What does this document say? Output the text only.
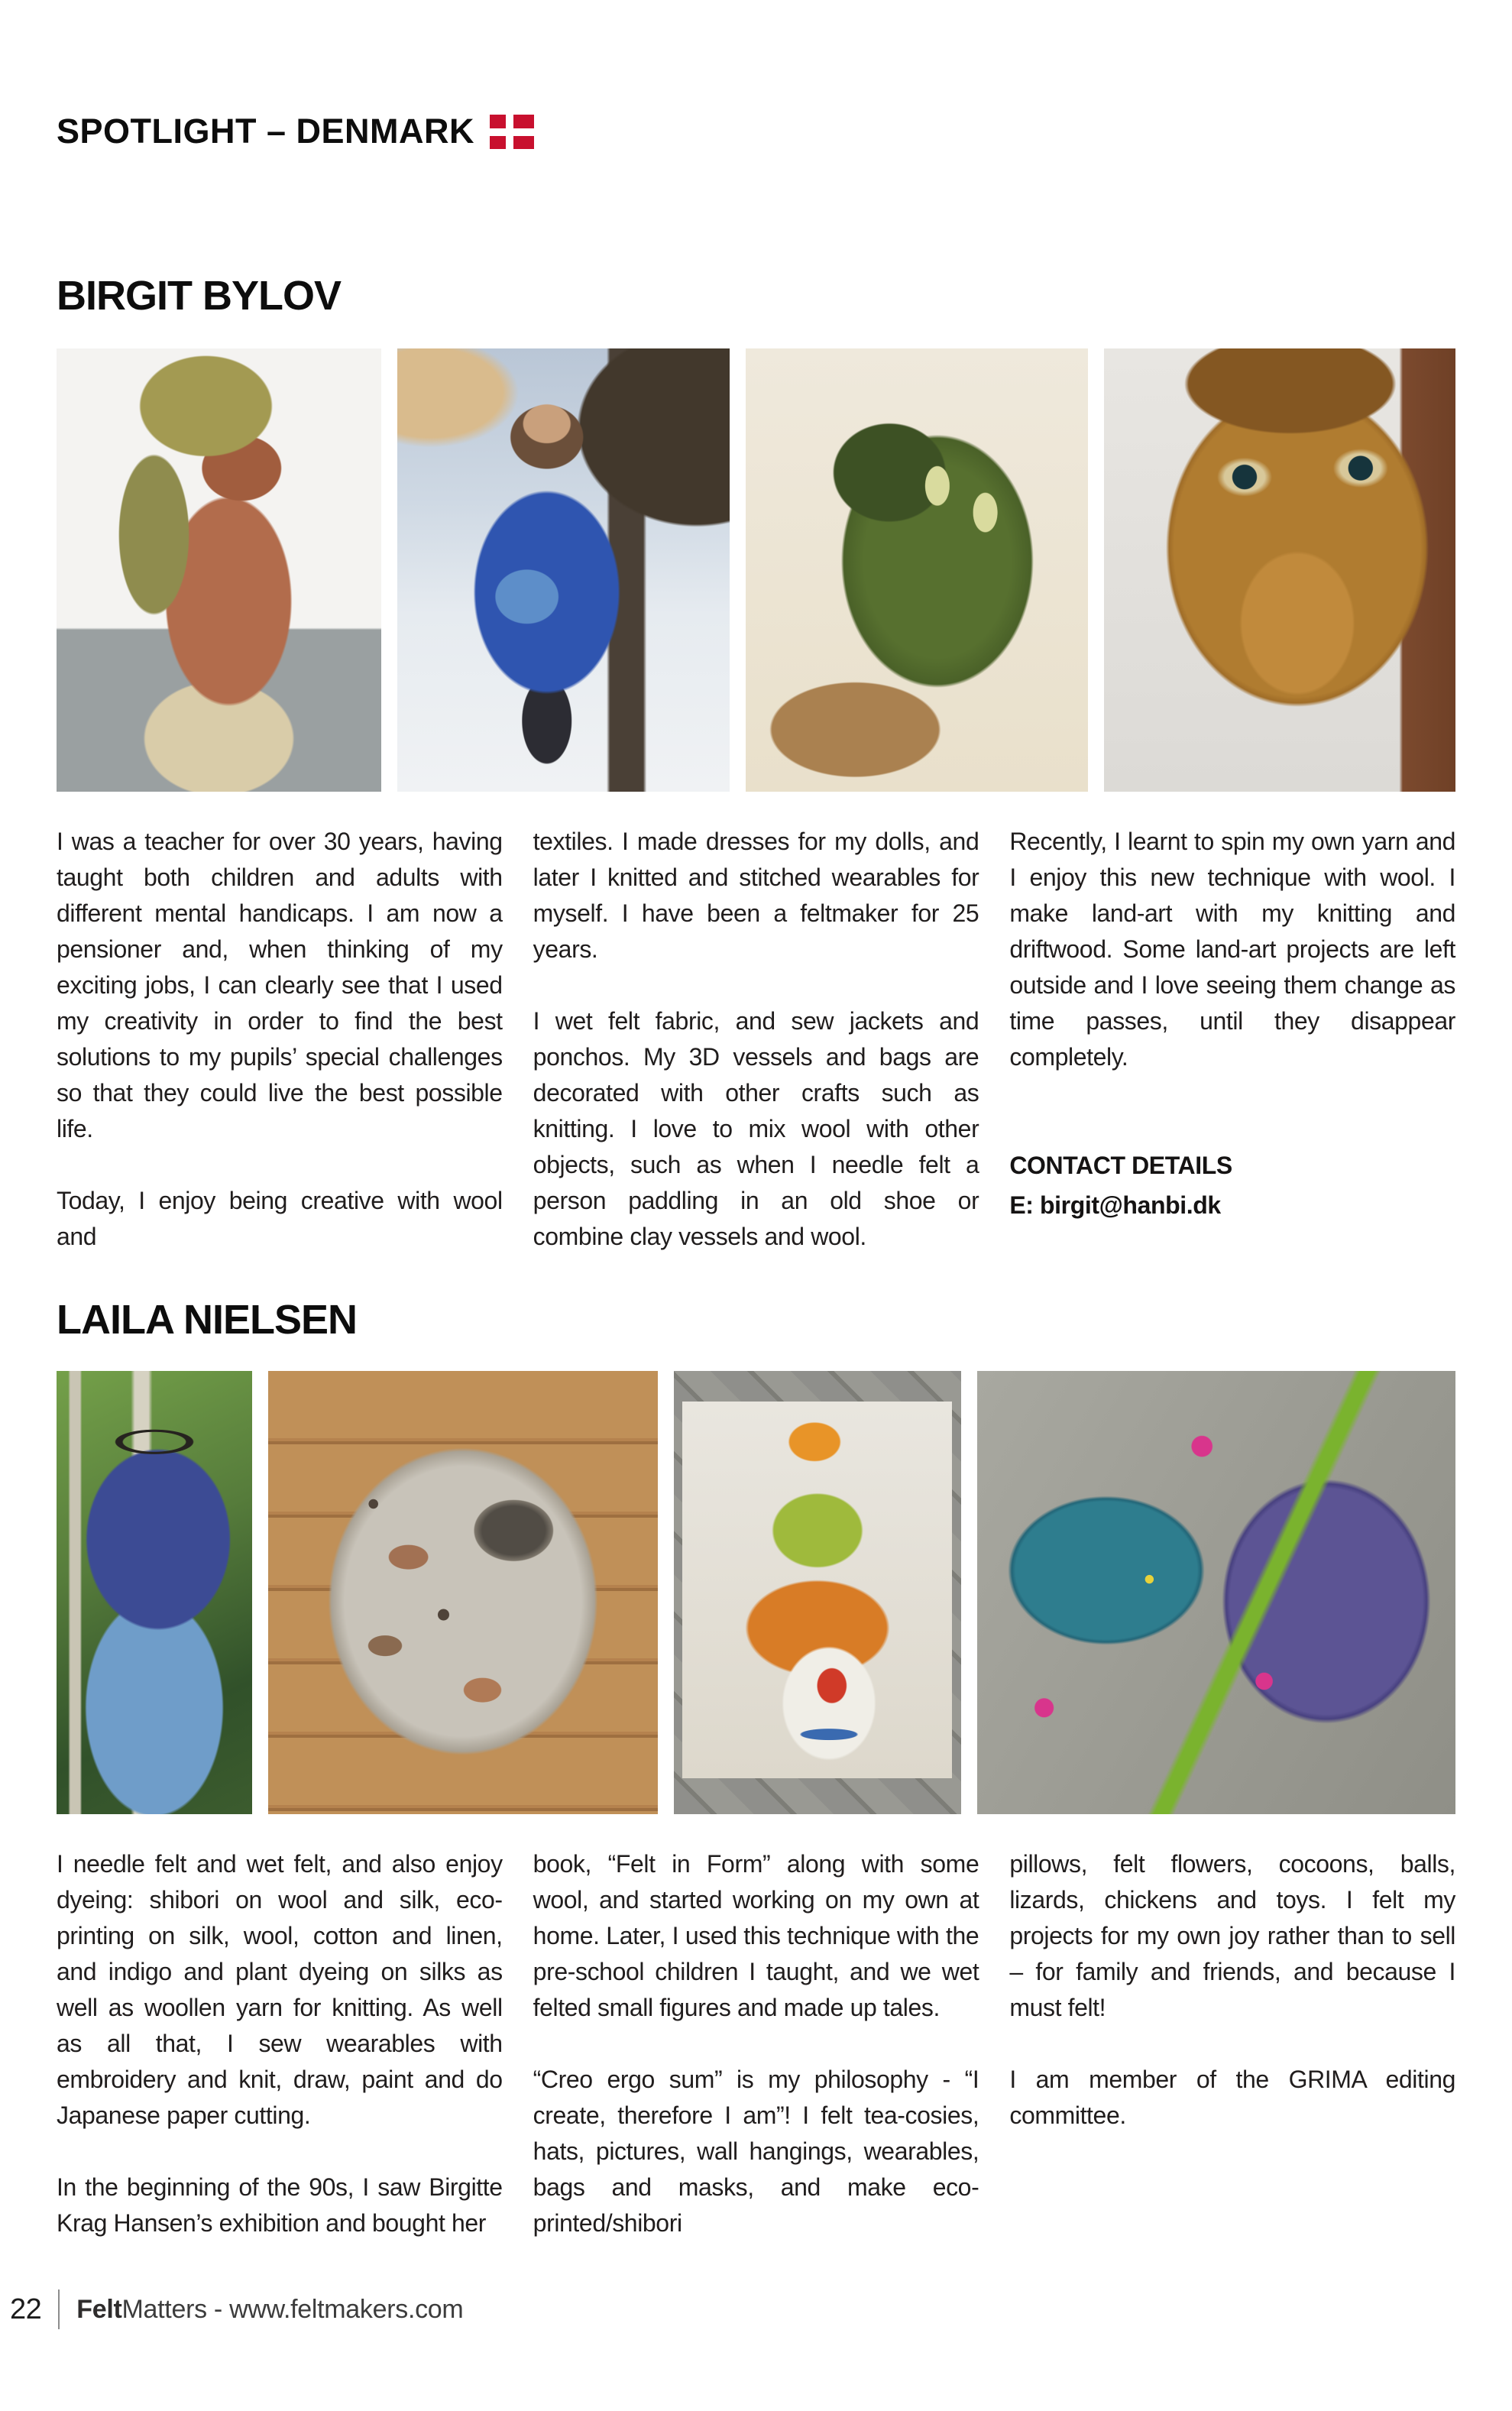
SPOTLIGHT – DENMARK
BIRGIT BYLOV

I was a teacher for over 30 years, having taught both children and adults with different mental handicaps. I am now a pensioner and, when thinking of my exciting jobs, I can clearly see that I used my creativity in order to find the best solutions to my pupils’ special challenges so that they could live the best possible life.

Today, I enjoy being creative with wool and

textiles. I made dresses for my dolls, and later I knitted and stitched wearables for myself. I have been a feltmaker for 25 years.

I wet felt fabric, and sew jackets and ponchos. My 3D vessels and bags are decorated with other crafts such as knitting. I love to mix wool with other objects, such as when I needle felt a person paddling in an old shoe or combine clay vessels and wool.

Recently, I learnt to spin my own yarn and I enjoy this new technique with wool. I make land-art with my knitting and driftwood. Some land-art projects are left outside and I love seeing them change as time passes, until they disappear completely.

CONTACT DETAILS

E: birgit@hanbi.dk

LAILA NIELSEN

I needle felt and wet felt, and also enjoy dyeing: shibori on wool and silk, eco-printing on silk, wool, cotton and linen, and indigo and plant dyeing on silks as well as woollen yarn for knitting. As well as all that, I sew wearables with embroidery and knit, draw, paint and do Japanese paper cutting.

In the beginning of the 90s, I saw Birgitte Krag Hansen’s exhibition and bought her

book, “Felt in Form” along with some wool, and started working on my own at home. Later, I used this technique with the pre-school children I taught, and we wet felted small figures and made up tales.

“Creo ergo sum” is my philosophy - “I create, therefore I am”! I felt tea-cosies, hats, pictures, wall hangings, wearables, bags and masks, and make eco-printed/shibori

pillows, felt flowers, cocoons, balls, lizards, chickens and toys. I felt my projects for my own joy rather than to sell – for family and friends, and because I must felt!

I am member of the GRIMA editing committee.

22 FeltMatters - www.feltmakers.com
